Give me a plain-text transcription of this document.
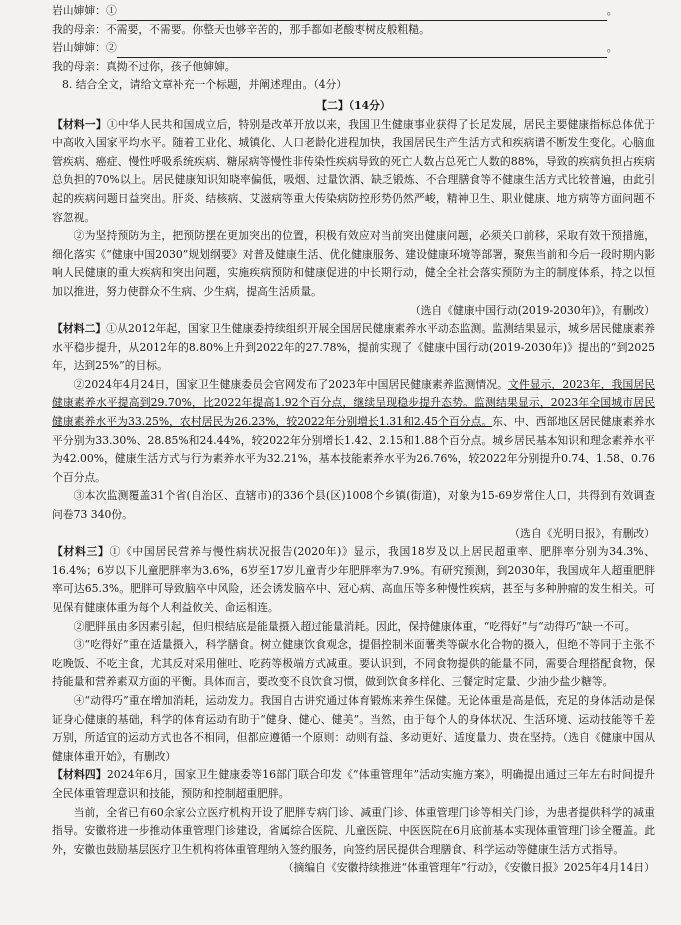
岩山婶婶：①	。

我的母亲：不需要，不需要。你整天也够辛苦的，那手都如老酸枣树皮般粗糙。

岩山婶婶：②	。

我的母亲：真拗不过你，孩子他婶婶。

8. 结合全文，请给文章补充一个标题，并阐述理由。（4分）

【二】（14分）

【材料一】①中华人民共和国成立后，特别是改革开放以来，我国卫生健康事业获得了长足发展，居民主要健康指标总体优于中高收入国家平均水平。随着工业化、城镇化、人口老龄化进程加快，我国居民生产生活方式和疾病谱不断发生变化。心脑血管疾病、癌症、慢性呼吸系统疾病、糖尿病等慢性非传染性疾病导致的死亡人数占总死亡人数的88%，导致的疾病负担占疾病总负担的70%以上。居民健康知识知晓率偏低，吸烟、过量饮酒、缺乏锻炼、不合理膳食等不健康生活方式比较普遍，由此引起的疾病问题日益突出。肝炎、结核病、艾滋病等重大传染病防控形势仍然严峻，精神卫生、职业健康、地方病等方面问题不容忽视。

②为坚持预防为主，把预防摆在更加突出的位置，积极有效应对当前突出健康问题，必须关口前移，采取有效干预措施，细化落实《“健康中国2030”规划纲要》对普及健康生活、优化健康服务、建设健康环境等部署，聚焦当前和今后一段时期内影响人民健康的重大疾病和突出问题，实施疾病预防和健康促进的中长期行动，健全全社会落实预防为主的制度体系，持之以恒加以推进，努力使群众不生病、少生病，提高生活质量。

（选自《健康中国行动(2019-2030年)》，有删改）

【材料二】①从2012年起，国家卫生健康委持续组织开展全国居民健康素养水平动态监测。监测结果显示，城乡居民健康素养水平稳步提升，从2012年的8.80%上升到2022年的27.78%，提前实现了《健康中国行动(2019-2030年)》提出的“到2025年，达到25%”的目标。

②2024年4月24日，国家卫生健康委员会官网发布了2023年中国居民健康素养监测情况。文件显示，2023年，我国居民健康素养水平提高到29.70%，比2022年提高1.92个百分点，继续呈现稳步提升态势。监测结果显示，2023年全国城市居民健康素养水平为33.25%，农村居民为26.23%，较2022年分别增长1.31和2.45个百分点。东、中、西部地区居民健康素养水平分别为33.30%、28.85%和24.44%，较2022年分别增长1.42、2.15和1.88个百分点。城乡居民基本知识和理念素养水平为42.00%，健康生活方式与行为素养水平为32.21%，基本技能素养水平为26.76%，较2022年分别提升0.74、1.58、0.76个百分点。

③本次监测覆盖31个省(自治区、直辖市)的336个县(区)1008个乡镇(街道)，对象为15-69岁常住人口，共得到有效调查问卷73 340份。

（选自《光明日报》，有删改）

【材料三】①《中国居民营养与慢性病状况报告(2020年)》显示，我国18岁及以上居民超重率、肥胖率分别为34.3%、16.4%；6岁以下儿童肥胖率为3.6%，6岁至17岁儿童青少年肥胖率为7.9%。有研究预测，到2030年，我国成年人超重肥胖率可达65.3%。肥胖可导致脑卒中风险，还会诱发脑卒中、冠心病、高血压等多种慢性疾病，甚至与多种肿瘤的发生相关。可见保有健康体重为每个人利益攸关、命运相连。

②肥胖虽由多因素引起，但归根结底是能量摄入超过能量消耗。因此，保持健康体重，“吃得好”与“动得巧”缺一不可。

③“吃得好”重在适量摄入，科学膳食。树立健康饮食观念，提倡控制米面薯类等碳水化合物的摄入，但绝不等同于主张不吃晚饭、不吃主食，尤其反对采用催吐、吃药等极端方式减重。要认识到，不同食物提供的能量不同，需要合理搭配食物，保持能量和营养素双方面的平衡。具体而言，要改变不良饮食习惯，做到饮食多样化、三餐定时定量、少油少盐少糖等。

④“动得巧”重在增加消耗，运动发力。我国自古讲究通过体育锻炼来养生保健。无论体重是高是低，充足的身体活动是保证身心健康的基础，科学的体育运动有助于“健身、健心、健美”。当然，由于每个人的身体状况、生活环境、运动技能等千差万别，所适宜的运动方式也各不相同，但都应遵循一个原则：动则有益、多动更好、适度量力、贵在坚持。（选自《健康中国从健康体重开始》，有删改）

【材料四】2024年6月，国家卫生健康委等16部门联合印发《“体重管理年”活动实施方案》，明确提出通过三年左右时间提升全民体重管理意识和技能，预防和控制超重肥胖。

当前，全省已有60余家公立医疗机构开设了肥胖专病门诊、减重门诊、体重管理门诊等相关门诊，为患者提供科学的减重指导。安徽将进一步推动体重管理门诊建设，省属综合医院、儿童医院、中医医院在6月底前基本实现体重管理门诊全覆盖。此外，安徽也鼓励基层医疗卫生机构将体重管理纳入签约服务，向签约居民提供合理膳食、科学运动等健康生活方式指导。

（摘编自《安徽持续推进“体重管理年”行动》，《安徽日报》2025年4月14日）
